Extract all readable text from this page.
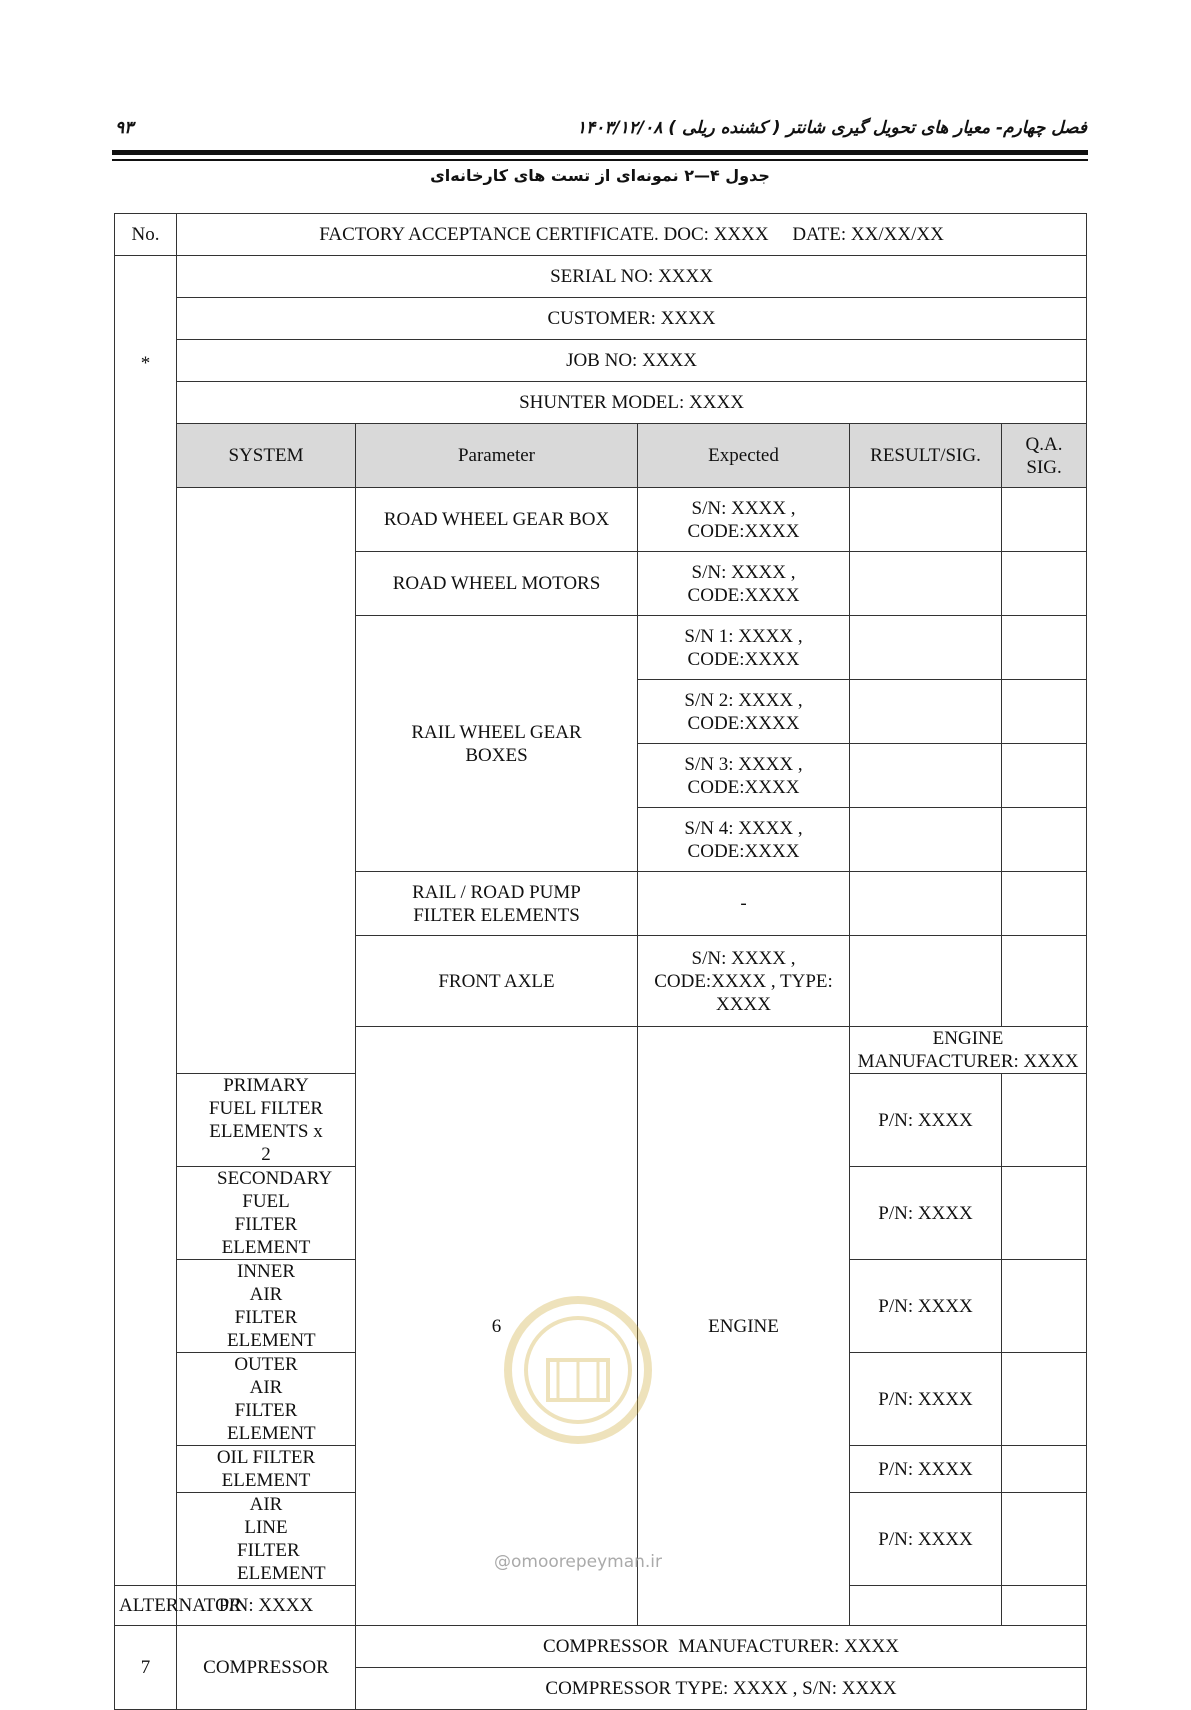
۹۳	فصل چهارم- معیار های تحویل گیری شانتر ( کشنده ریلی ) ۱۴۰۳/۱۲/۰۸
جدول ۴—۲ نمونه‌ای از تست های کارخانه‌ای
No.	FACTORY ACCEPTANCE CERTIFICATE. DOC: XXXX     DATE: XX/XX/XX					
*	SERIAL NO: XXXX					
	CUSTOMER: XXXX					
	JOB NO: XXXX					
	SHUNTER MODEL: XXXX					
	SYSTEM	Parameter	Expected	RESULT/SIG.	Q.A. SIG.	
		ROAD WHEEL GEAR BOX	S/N: XXXX , CODE:XXXX			
		ROAD WHEEL MOTORS	S/N: XXXX , CODE:XXXX			
		RAIL WHEEL GEAR BOXES	S/N 1: XXXX , CODE:XXXX			
			S/N 2: XXXX , CODE:XXXX			
			S/N 3: XXXX , CODE:XXXX			
			S/N 4: XXXX , CODE:XXXX			
		RAIL / ROAD PUMP FILTER ELEMENTS	-			
		FRONT AXLE	S/N: XXXX , CODE:XXXX , TYPE: XXXX			
		6	ENGINE	ENGINE MANUFACTURER: XXXX		
	PRIMARY FUEL FILTER ELEMENTS x 2			P/N: XXXX		
	SECONDARY FUEL FILTER ELEMENT			P/N: XXXX		
	INNER AIR FILTER ELEMENT			P/N: XXXX		
	OUTER AIR FILTER ELEMENT			P/N: XXXX		
	OIL FILTER ELEMENT			P/N: XXXX		
	AIR LINE FILTER ELEMENT			P/N: XXXX		
ALTERNATOR	P/N: XXXX					
7	COMPRESSOR	COMPRESSOR  MANUFACTURER: XXXX				
		COMPRESSOR TYPE: XXXX , S/N: XXXX				
@omoorepeyman.ir
